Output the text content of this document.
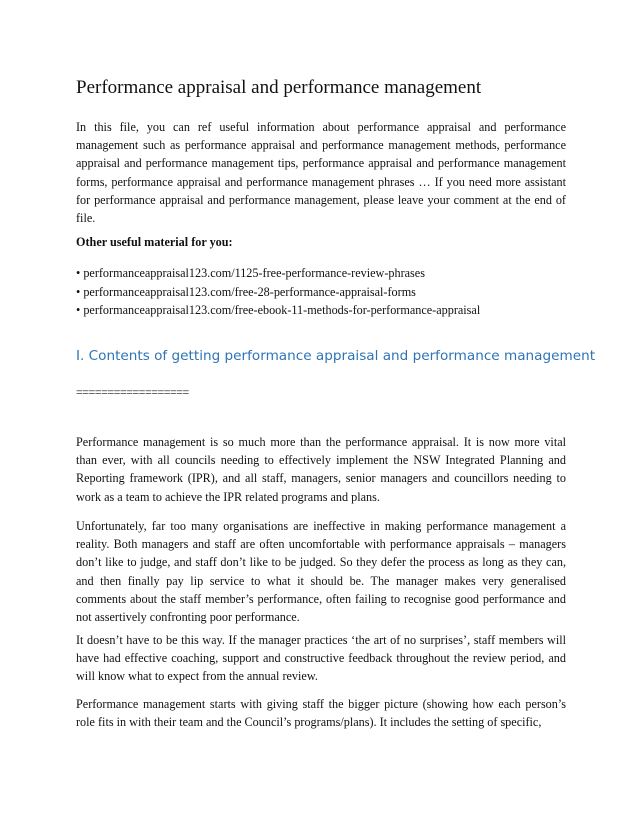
Performance appraisal and performance management
In this file, you can ref useful information about performance appraisal and performance management such as performance appraisal and performance management methods, performance appraisal and performance management tips, performance appraisal and performance management forms, performance appraisal and performance management phrases … If you need more assistant for performance appraisal and performance management, please leave your comment at the end of file.
Other useful material for you:
• performanceappraisal123.com/1125-free-performance-review-phrases
• performanceappraisal123.com/free-28-performance-appraisal-forms
• performanceappraisal123.com/free-ebook-11-methods-for-performance-appraisal
I. Contents of getting performance appraisal and performance management
==================
Performance management is so much more than the performance appraisal. It is now more vital than ever, with all councils needing to effectively implement the NSW Integrated Planning and Reporting framework (IPR), and all staff, managers, senior managers and councillors needing to work as a team to achieve the IPR related programs and plans.
Unfortunately, far too many organisations are ineffective in making performance management a reality. Both managers and staff are often uncomfortable with performance appraisals – managers don’t like to judge, and staff don’t like to be judged. So they defer the process as long as they can, and then finally pay lip service to what it should be. The manager makes very generalised comments about the staff member’s performance, often failing to recognise good performance and not assertively confronting poor performance.
It doesn’t have to be this way. If the manager practices ‘the art of no surprises’, staff members will have had effective coaching, support and constructive feedback throughout the review period, and will know what to expect from the annual review.
Performance management starts with giving staff the bigger picture (showing how each person’s role fits in with their team and the Council’s programs/plans). It includes the setting of specific,
